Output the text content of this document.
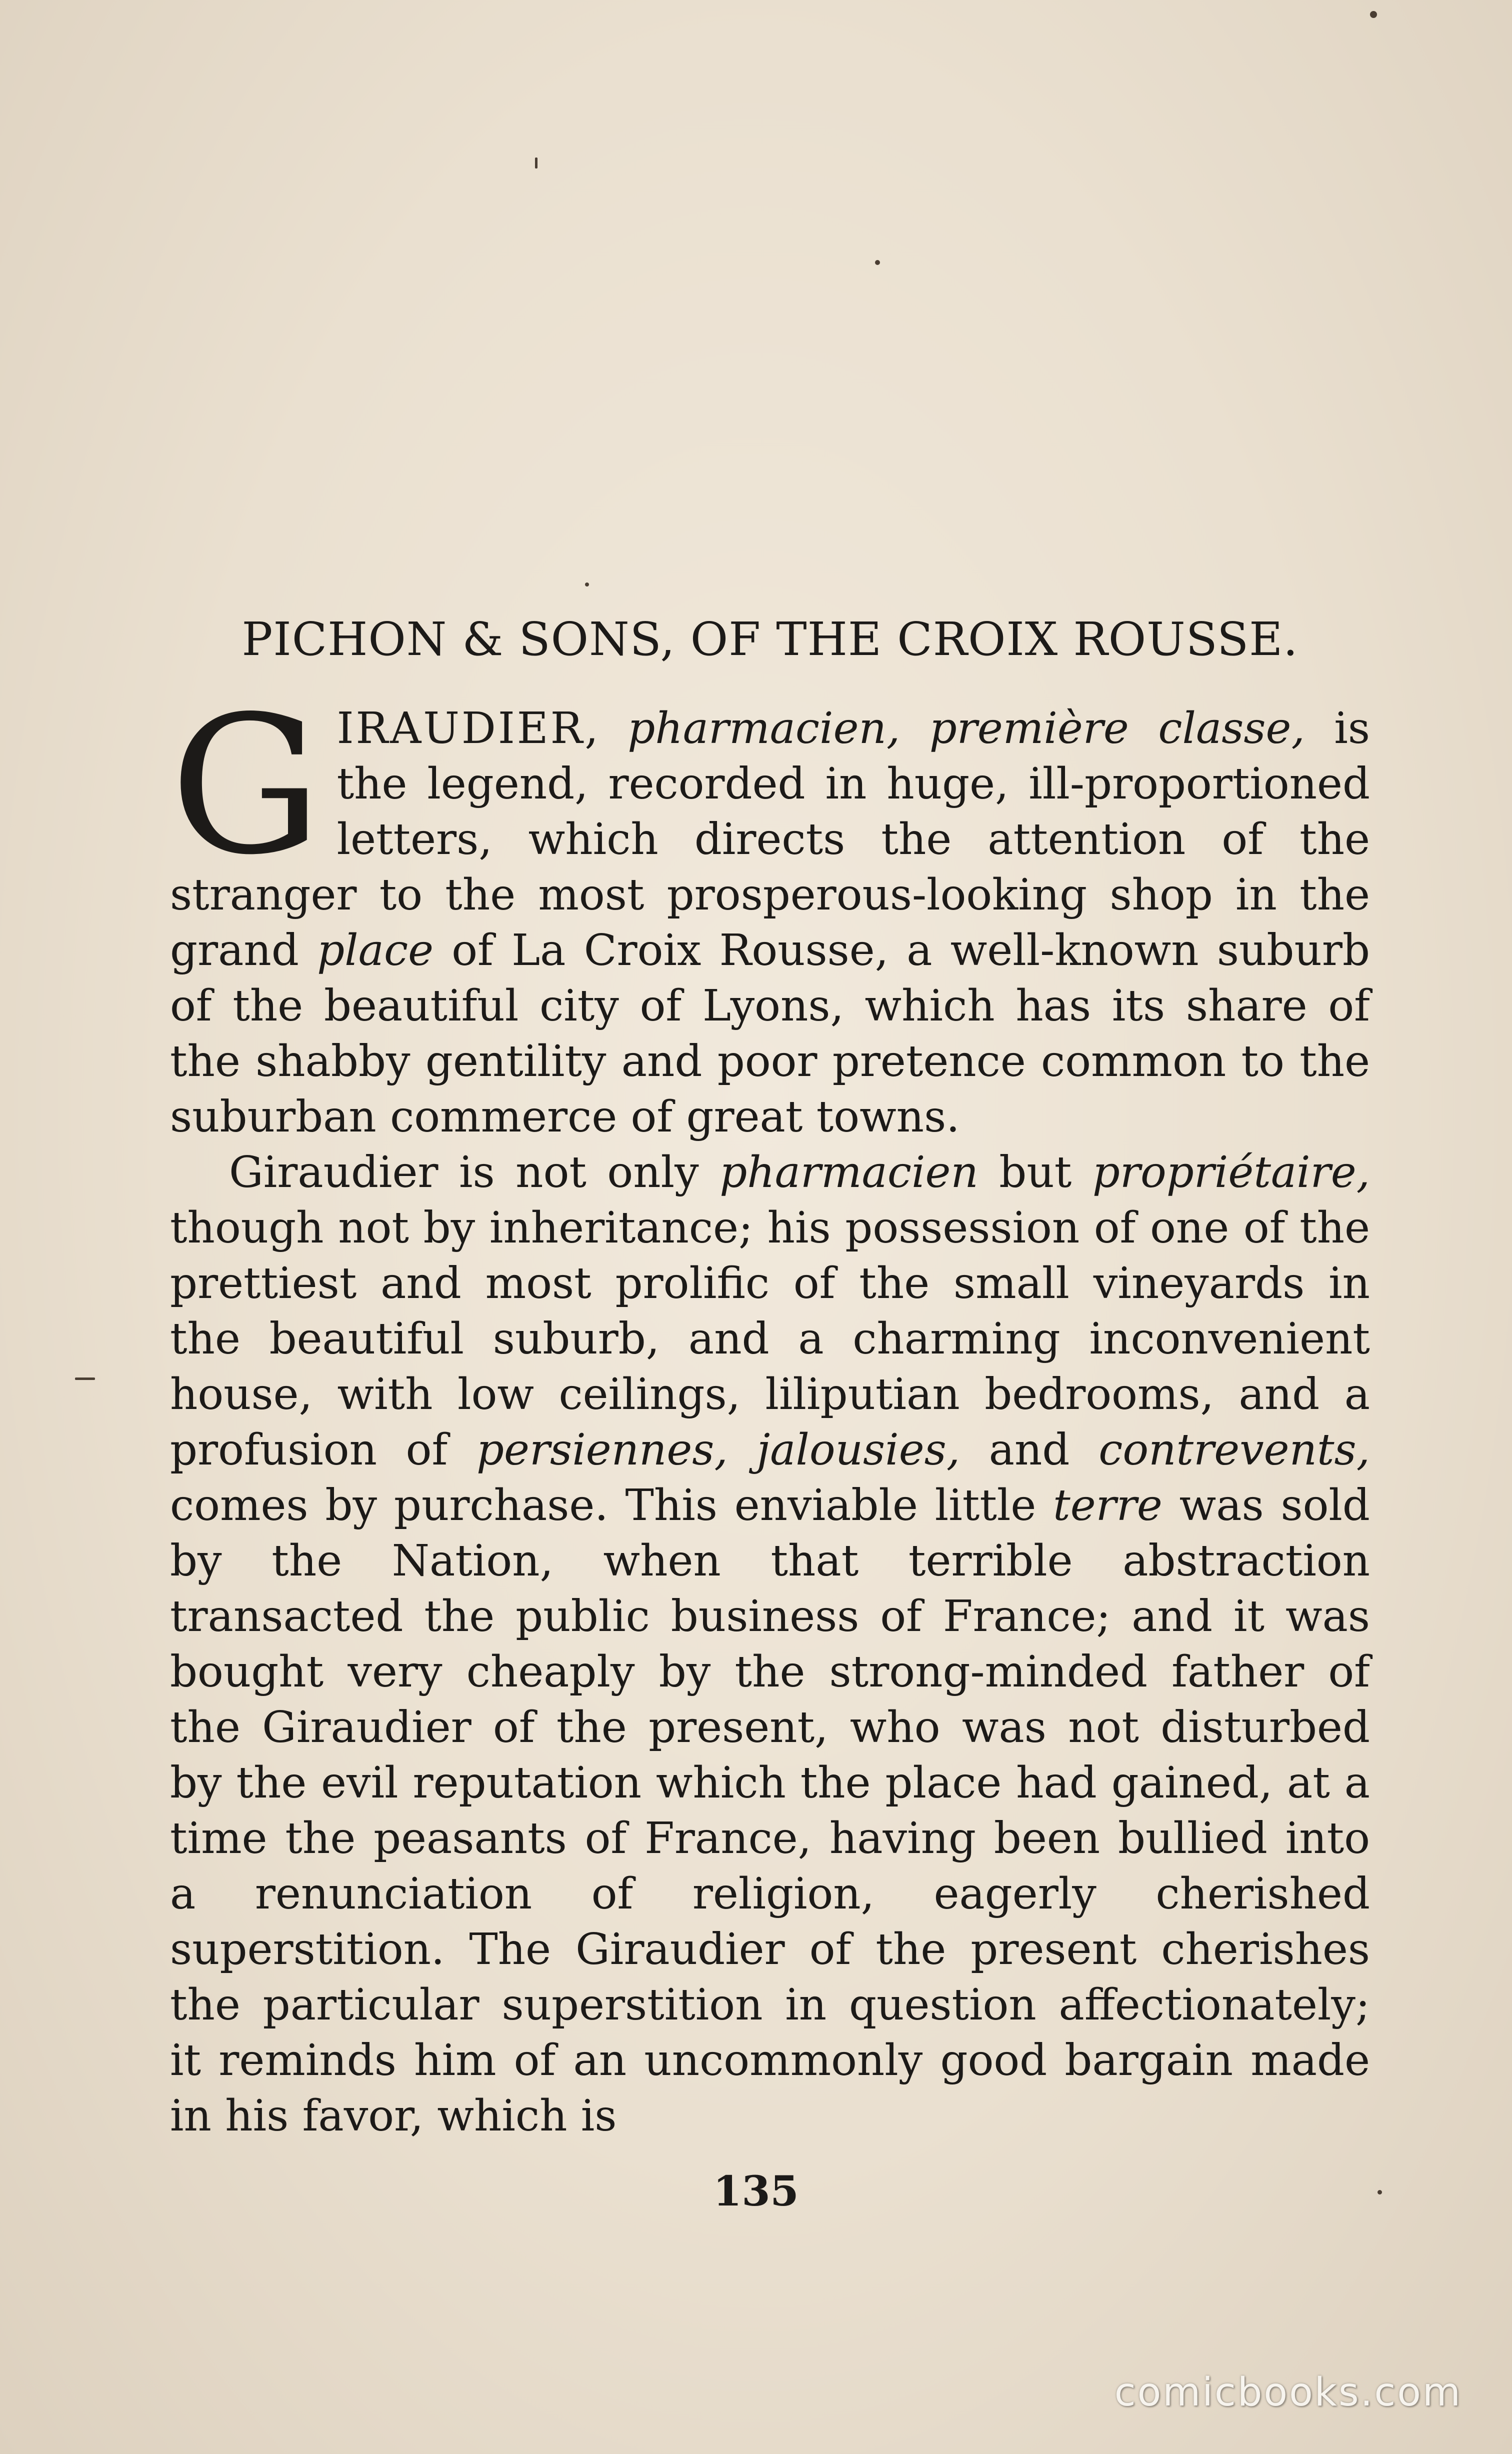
PICHON & SONS, OF THE CROIX ROUSSE.

GIRAUDIER, pharmacien, première classe, is the legend, recorded in huge, ill-proportioned letters, which directs the attention of the stranger to the most prosperous-looking shop in the grand place of La Croix Rousse, a well-known suburb of the beautiful city of Lyons, which has its share of the shabby gentility and poor pretence common to the suburban commerce of great towns.

Giraudier is not only pharmacien but propriétaire, though not by inheritance; his possession of one of the prettiest and most prolific of the small vineyards in the beautiful suburb, and a charming inconvenient house, with low ceilings, liliputian bedrooms, and a profusion of persiennes, jalousies, and contrevents, comes by purchase. This enviable little terre was sold by the Nation, when that terrible abstraction transacted the public business of France; and it was bought very cheaply by the strong-minded father of the Giraudier of the present, who was not disturbed by the evil reputation which the place had gained, at a time the peasants of France, having been bullied into a renunciation of religion, eagerly cherished superstition. The Giraudier of the present cherishes the particular superstition in question affectionately; it reminds him of an uncommonly good bargain made in his favor, which is

135
comicbooks.com
